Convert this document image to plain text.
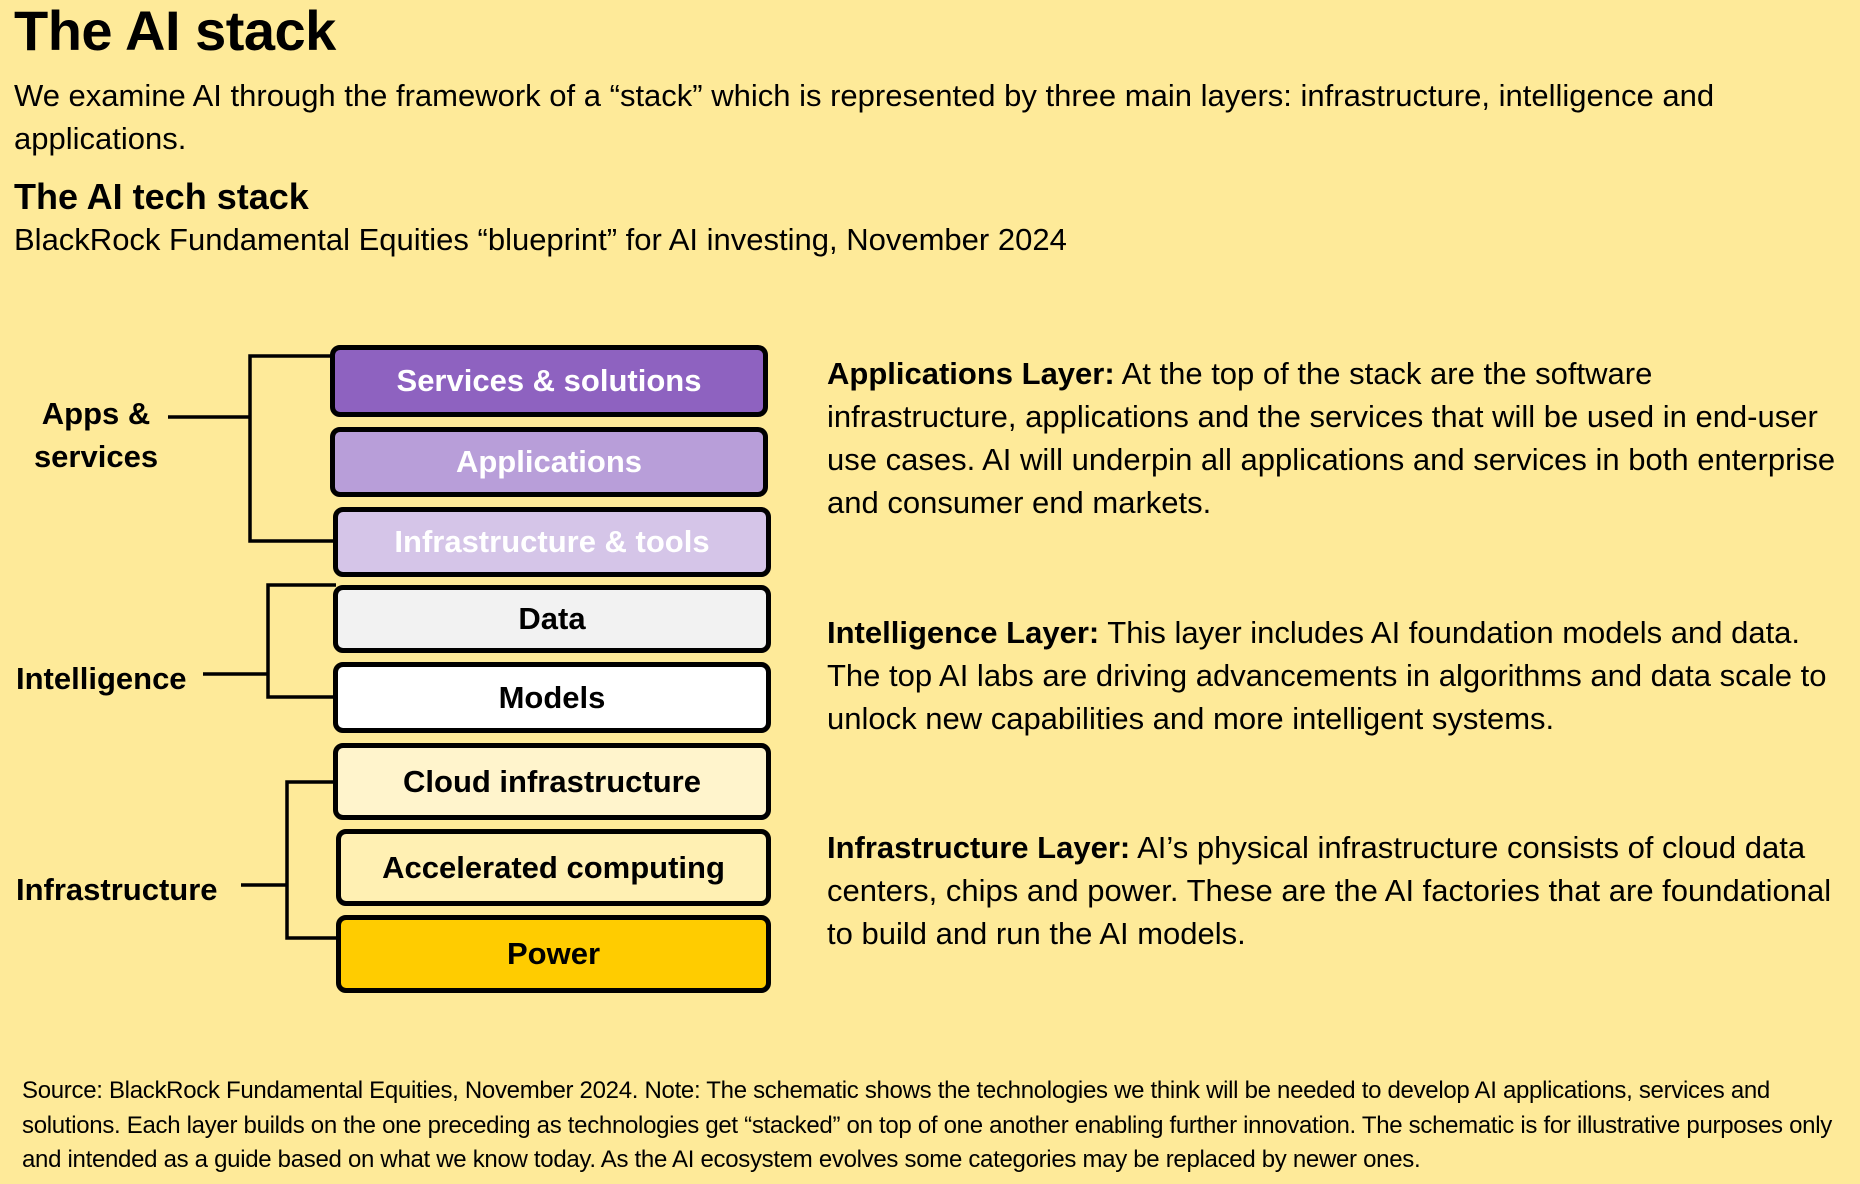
The AI stack
We examine AI through the framework of a “stack” which is represented by three main layers: infrastructure, intelligence and applications.
The AI tech stack
BlackRock Fundamental Equities “blueprint” for AI investing, November 2024
Apps & services
Intelligence
Infrastructure
Services & solutions
Applications
Infrastructure & tools
Data
Models
Cloud infrastructure
Accelerated computing
Power
Applications Layer: At the top of the stack are the software infrastructure, applications and the services that will be used in end-user use cases. AI will underpin all applications and services in both enterprise and consumer end markets.
Intelligence Layer: This layer includes AI foundation models and data. The top AI labs are driving advancements in algorithms and data scale to unlock new capabilities and more intelligent systems.
Infrastructure Layer: AI’s physical infrastructure consists of cloud data centers, chips and power. These are the AI factories that are foundational to build and run the AI models.
Source: BlackRock Fundamental Equities, November 2024. Note: The schematic shows the technologies we think will be needed to develop AI applications, services and solutions. Each layer builds on the one preceding as technologies get “stacked” on top of one another enabling further innovation. The schematic is for illustrative purposes only and intended as a guide based on what we know today. As the AI ecosystem evolves some categories may be replaced by newer ones.
